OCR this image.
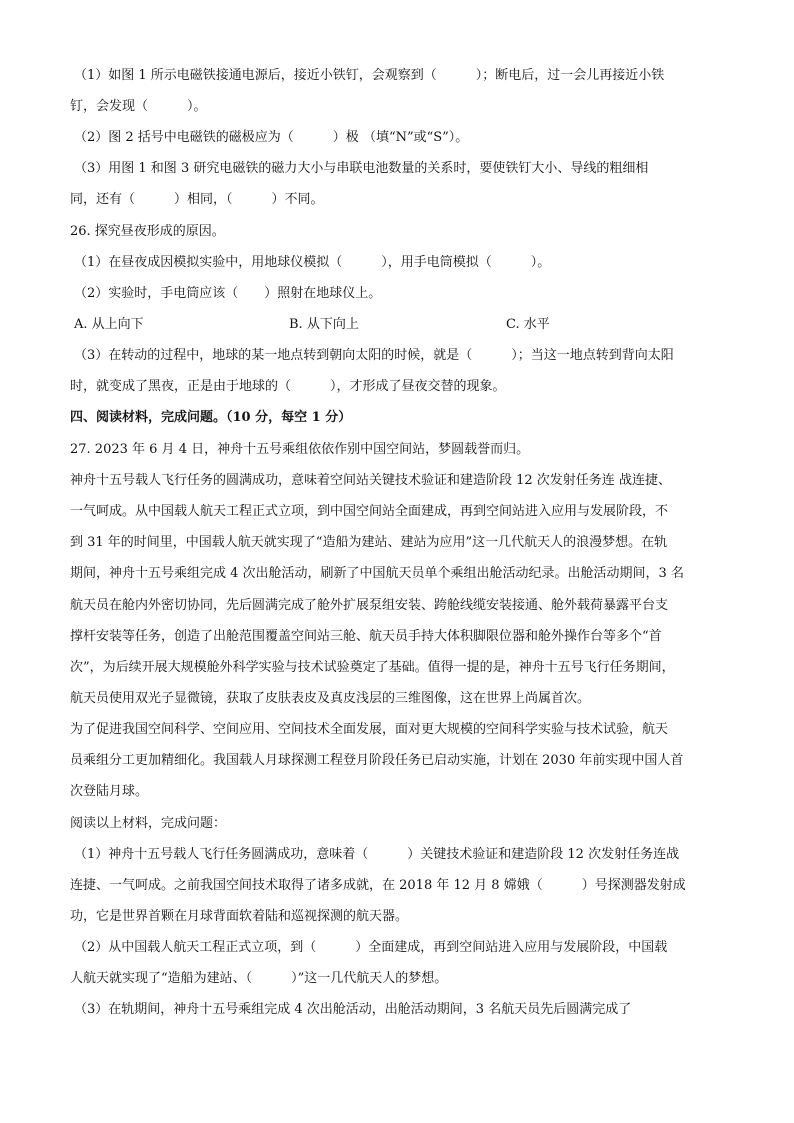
（1）如图 1 所示电磁铁接通电源后，接近小铁钉，会观察到（　　　）；断电后，过一会儿再接近小铁
钉，会发现（　　　）。
（2）图 2 括号中电磁铁的磁极应为（　　　）极 （填“N”或“S”）。
（3）用图 1 和图 3 研究电磁铁的磁力大小与串联电池数量的关系时，要使铁钉大小、导线的粗细相
同，还有（　　　）相同，（　　　）不同。
26. 探究昼夜形成的原因。
（1）在昼夜成因模拟实验中，用地球仪模拟（　　　），用手电筒模拟（　　　）。
（2）实验时，手电筒应该（　　）照射在地球仪上。
A. 从上向下	B. 从下向上	C. 水平
（3）在转动的过程中，地球的某一地点转到朝向太阳的时候，就是（　　　）；当这一地点转到背向太阳
时，就变成了黑夜，正是由于地球的（　　　），才形成了昼夜交替的现象。
四、阅读材料，完成问题。（10 分，每空 1 分）
27. 2023 年 6 月 4 日，神舟十五号乘组依依作别中国空间站，梦圆载誉而归。
神舟十五号载人飞行任务的圆满成功，意味着空间站关键技术验证和建造阶段 12 次发射任务连 战连捷、
一气呵成。从中国载人航天工程正式立项，到中国空间站全面建成，再到空间站进入应用与发展阶段，不
到 31 年的时间里，中国载人航天就实现了“造船为建站、建站为应用”这一几代航天人的浪漫梦想。在轨
期间，神舟十五号乘组完成 4 次出舱活动，刷新了中国航天员单个乘组出舱活动纪录。出舱活动期间，3 名
航天员在舱内外密切协同，先后圆满完成了舱外扩展泵组安装、跨舱线缆安装接通、舱外载荷暴露平台支
撑杆安装等任务，创造了出舱范围覆盖空间站三舱、航天员手持大体积脚限位器和舱外操作台等多个“首
次”，为后续开展大规模舱外科学实验与技术试验奠定了基础。值得一提的是，神舟十五号飞行任务期间，
航天员使用双光子显微镜，获取了皮肤表皮及真皮浅层的三维图像，这在世界上尚属首次。
为了促进我国空间科学、空间应用、空间技术全面发展，面对更大规模的空间科学实验与技术试验，航天
员乘组分工更加精细化。我国载人月球探测工程登月阶段任务已启动实施，计划在 2030 年前实现中国人首
次登陆月球。
阅读以上材料，完成问题：
（1）神舟十五号载人飞行任务圆满成功，意味着（　　　）关键技术验证和建造阶段 12 次发射任务连战
连捷、一气呵成。之前我国空间技术取得了诸多成就，在 2018 年 12 月 8 嫦娥（　　　）号探测器发射成
功，它是世界首颗在月球背面软着陆和巡视探测的航天器。
（2）从中国载人航天工程正式立项，到（　　　）全面建成，再到空间站进入应用与发展阶段，中国载
人航天就实现了“造船为建站、（　　　）”这一几代航天人的梦想。
（3）在轨期间，神舟十五号乘组完成 4 次出舱活动，出舱活动期间，3 名航天员先后圆满完成了
